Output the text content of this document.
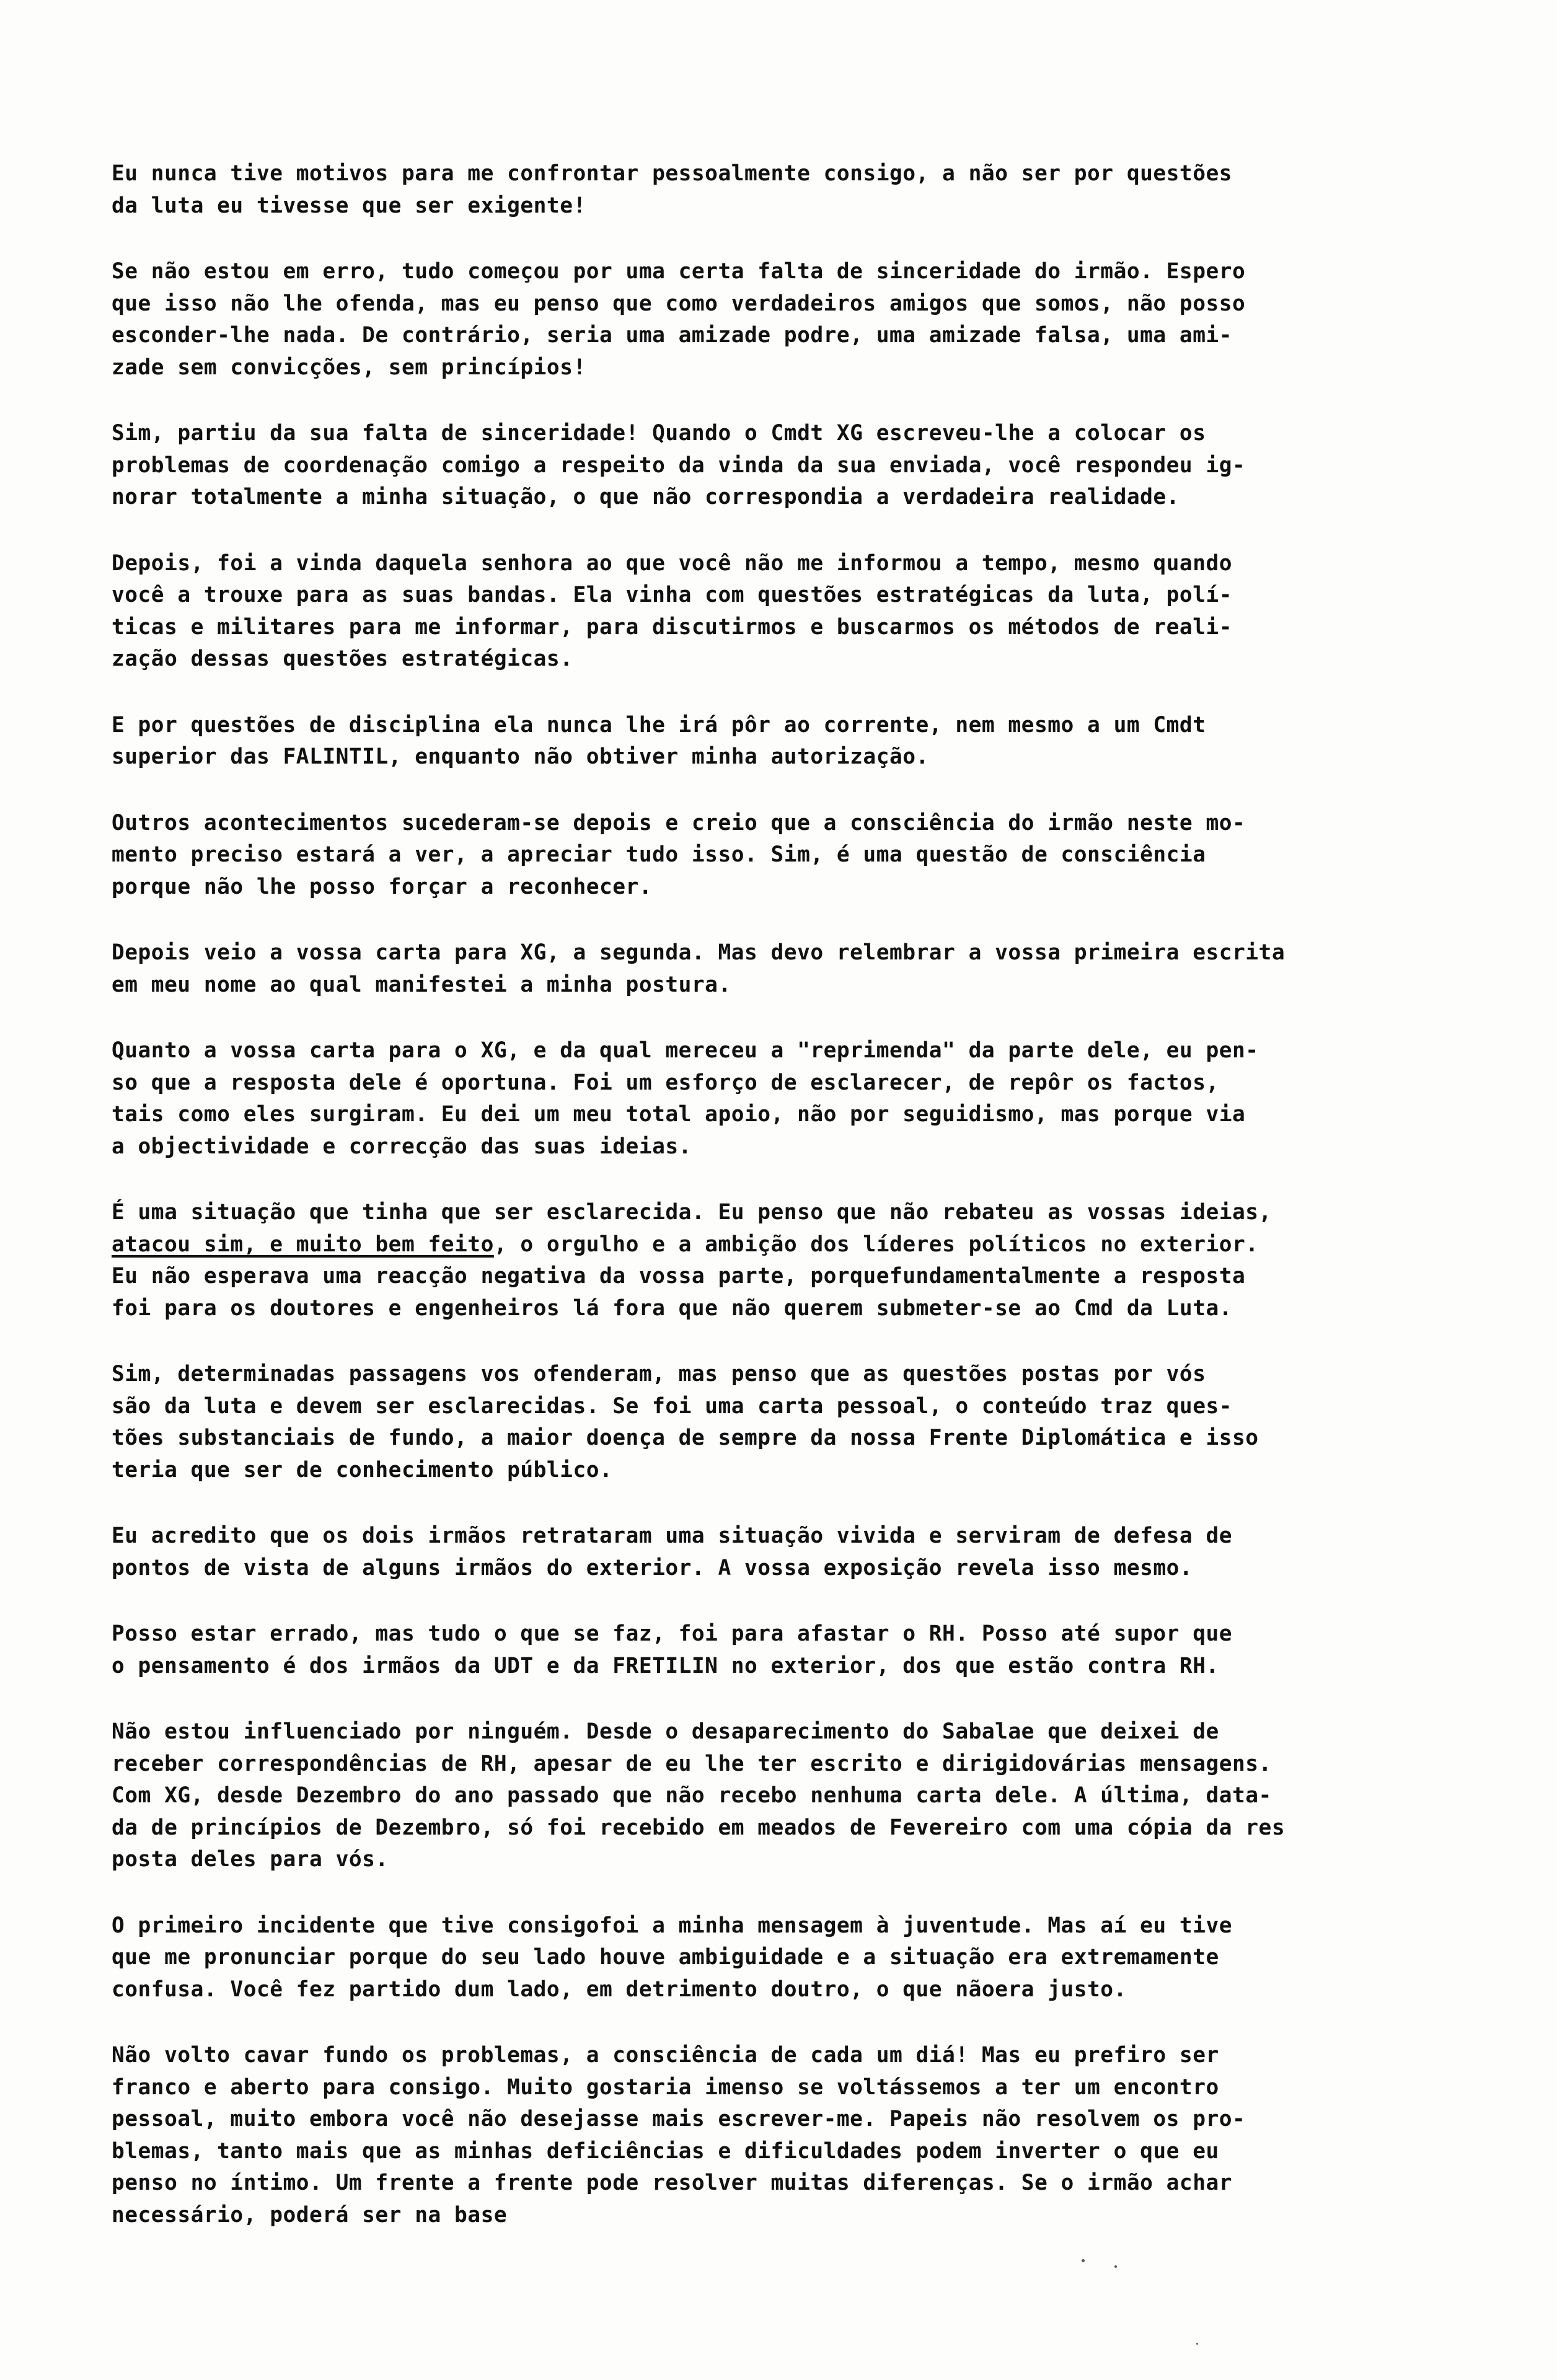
Eu nunca tive motivos para me confrontar pessoalmente consigo, a não ser por questões
da luta eu tivesse que ser exigente!
Se não estou em erro, tudo começou por uma certa falta de sinceridade do irmão. Espero
que isso não lhe ofenda, mas eu penso que como verdadeiros amigos que somos, não posso
esconder-lhe nada. De contrário, seria uma amizade podre, uma amizade falsa, uma ami-
zade sem convicções, sem princípios!
Sim, partiu da sua falta de sinceridade! Quando o Cmdt XG escreveu-lhe a colocar os
problemas de coordenação comigo a respeito da vinda da sua enviada, você respondeu ig-
norar totalmente a minha situação, o que não correspondia a verdadeira realidade.
Depois, foi a vinda daquela senhora ao que você não me informou a tempo, mesmo quando
você a trouxe para as suas bandas. Ela vinha com questões estratégicas da luta, polí-
ticas e militares para me informar, para discutirmos e buscarmos os métodos de reali-
zação dessas questões estratégicas.
E por questões de disciplina ela nunca lhe irá pôr ao corrente, nem mesmo a um Cmdt
superior das FALINTIL, enquanto não obtiver minha autorização.
Outros acontecimentos sucederam-se depois e creio que a consciência do irmão neste mo-
mento preciso estará a ver, a apreciar tudo isso. Sim, é uma questão de consciência
porque não lhe posso forçar a reconhecer.
Depois veio a vossa carta para XG, a segunda. Mas devo relembrar a vossa primeira escrita
em meu nome ao qual manifestei a minha postura.
Quanto a vossa carta para o XG, e da qual mereceu a "reprimenda" da parte dele, eu pen-
so que a resposta dele é oportuna. Foi um esforço de esclarecer, de repôr os factos,
tais como eles surgiram. Eu dei um meu total apoio, não por seguidismo, mas porque via
a objectividade e correcção das suas ideias.
É uma situação que tinha que ser esclarecida. Eu penso que não rebateu as vossas ideias,
atacou sim, e muito bem feito, o orgulho e a ambição dos líderes políticos no exterior.
Eu não esperava uma reacção negativa da vossa parte, porquefundamentalmente a resposta
foi para os doutores e engenheiros lá fora que não querem submeter-se ao Cmd da Luta.
Sim, determinadas passagens vos ofenderam, mas penso que as questões postas por vós
são da luta e devem ser esclarecidas. Se foi uma carta pessoal, o conteúdo traz ques-
tões substanciais de fundo, a maior doença de sempre da nossa Frente Diplomática e isso
teria que ser de conhecimento público.
Eu acredito que os dois irmãos retrataram uma situação vivida e serviram de defesa de
pontos de vista de alguns irmãos do exterior. A vossa exposição revela isso mesmo.
Posso estar errado, mas tudo o que se faz, foi para afastar o RH. Posso até supor que
o pensamento é dos irmãos da UDT e da FRETILIN no exterior, dos que estão contra RH.
Não estou influenciado por ninguém. Desde o desaparecimento do Sabalae que deixei de
receber correspondências de RH, apesar de eu lhe ter escrito e dirigidovárias mensagens.
Com XG, desde Dezembro do ano passado que não recebo nenhuma carta dele. A última, data-
da de princípios de Dezembro, só foi recebido em meados de Fevereiro com uma cópia da res
posta deles para vós.
O primeiro incidente que tive consigofoi a minha mensagem à juventude. Mas aí eu tive
que me pronunciar porque do seu lado houve ambiguidade e a situação era extremamente
confusa. Você fez partido dum lado, em detrimento doutro, o que nãoera justo.
Não volto cavar fundo os problemas, a consciência de cada um diá! Mas eu prefiro ser
franco e aberto para consigo. Muito gostaria imenso se voltássemos a ter um encontro
pessoal, muito embora você não desejasse mais escrever-me. Papeis não resolvem os pro-
blemas, tanto mais que as minhas deficiências e dificuldades podem inverter o que eu
penso no íntimo. Um frente a frente pode resolver muitas diferenças. Se o irmão achar
necessário, poderá ser na base
